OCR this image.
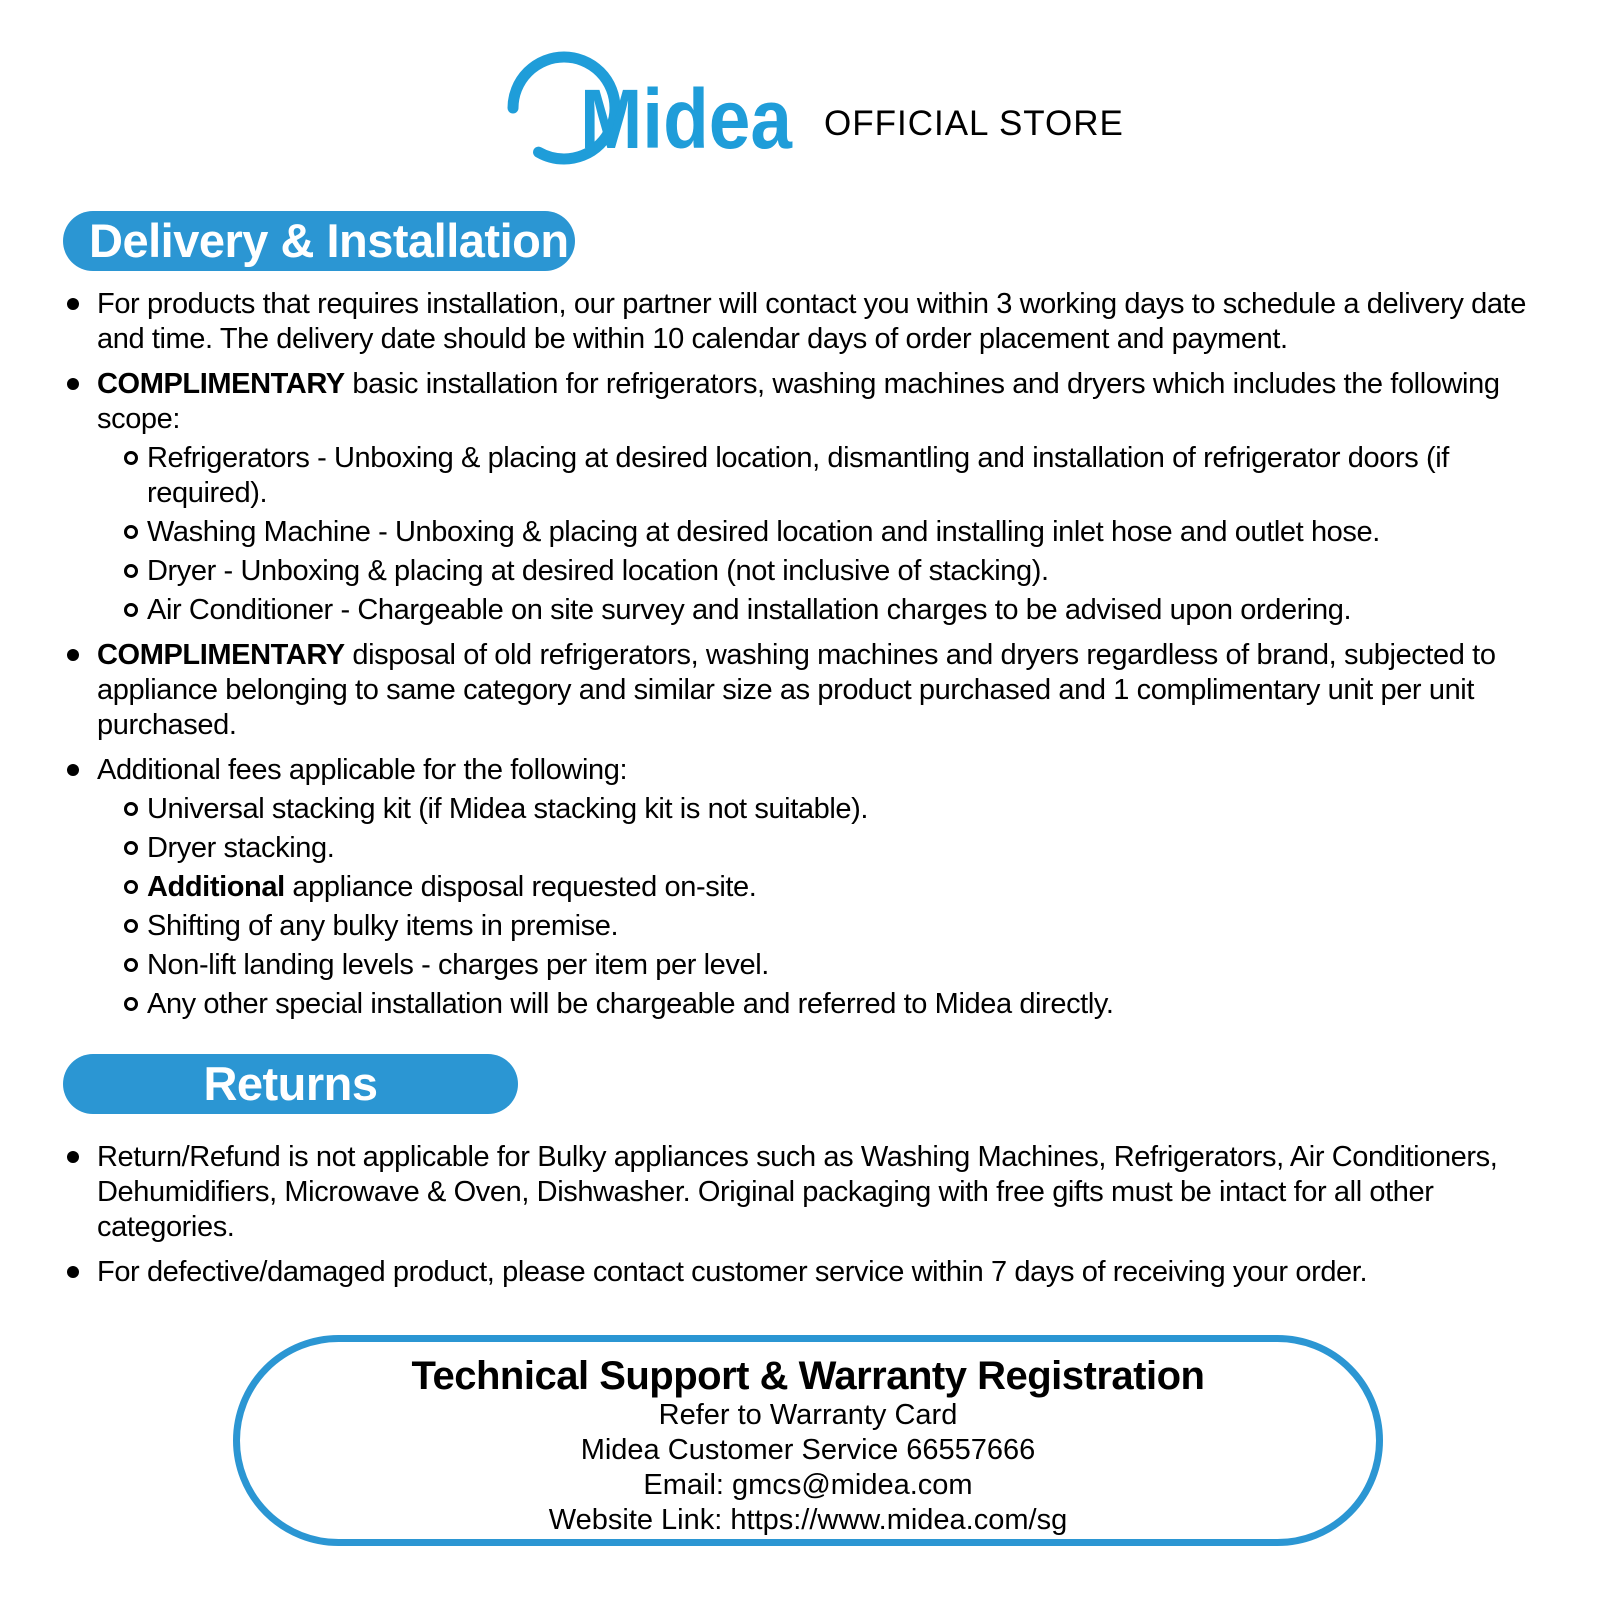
Midea OFFICIAL STORE
Delivery & Installation
For products that requires installation, our partner will contact you within 3 working days to schedule a delivery date and time. The delivery date should be within 10 calendar days of order placement and payment.
COMPLIMENTARY basic installation for refrigerators, washing machines and dryers which includes the following scope:
Refrigerators - Unboxing & placing at desired location, dismantling and installation of refrigerator doors (if required).
Washing Machine - Unboxing & placing at desired location and installing inlet hose and outlet hose.
Dryer - Unboxing & placing at desired location (not inclusive of stacking).
Air Conditioner - Chargeable on site survey and installation charges to be advised upon ordering.
COMPLIMENTARY disposal of old refrigerators, washing machines and dryers regardless of brand, subjected to appliance belonging to same category and similar size as product purchased and 1 complimentary unit per unit purchased.
Additional fees applicable for the following:
Universal stacking kit (if Midea stacking kit is not suitable).
Dryer stacking.
Additional appliance disposal requested on-site.
Shifting of any bulky items in premise.
Non-lift landing levels - charges per item per level.
Any other special installation will be chargeable and referred to Midea directly.
Returns
Return/Refund is not applicable for Bulky appliances such as Washing Machines, Refrigerators, Air Conditioners, Dehumidifiers, Microwave & Oven, Dishwasher. Original packaging with free gifts must be intact for all other categories.
For defective/damaged product, please contact customer service within 7 days of receiving your order.
Technical Support & Warranty Registration
Refer to Warranty Card
Midea Customer Service 66557666
Email: gmcs@midea.com
Website Link: https://www.midea.com/sg
